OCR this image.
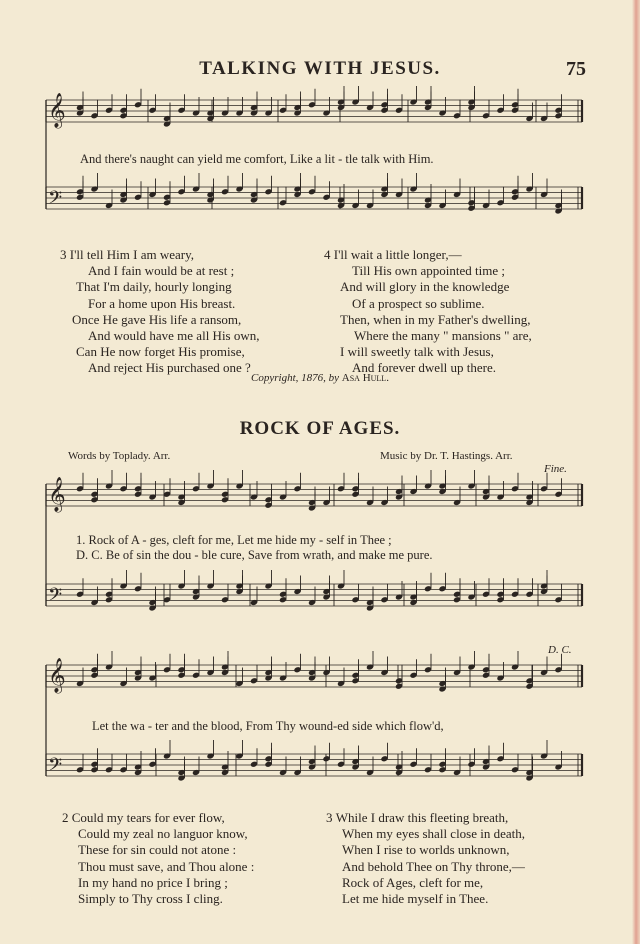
TALKING WITH JESUS.	75
𝄞
𝄢
𝄞
𝄢
𝄞
𝄢
And there's naught can yield me comfort, Like a lit - tle talk with Him.
3 I'll tell Him I am weary,
And I fain would be at rest ;
That I'm daily, hourly longing
For a home upon His breast.
Once He gave His life a ransom,
And would have me all His own,
Can He now forget His promise,
And reject His purchased one ?
4 I'll wait a little longer,—
Till His own appointed time ;
And will glory in the knowledge
Of a prospect so sublime.
Then, when in my Father's dwelling,
Where the many " mansions " are,
I will sweetly talk with Jesus,
And forever dwell up there.
Copyright, 1876, by Asa Hull.
ROCK OF AGES.
Words by Toplady. Arr.	Music by Dr. T. Hastings. Arr.
Fine.
D. C.
1. Rock of A - ges, cleft for me, Let me hide my - self in Thee ;
D. C. Be of sin the dou - ble cure, Save from wrath, and make me pure.
Let the wa - ter and the blood, From Thy wound-ed side which flow'd,
2 Could my tears for ever flow,
Could my zeal no languor know,
These for sin could not atone :
Thou must save, and Thou alone :
In my hand no price I bring ;
Simply to Thy cross I cling.
3 While I draw this fleeting breath,
When my eyes shall close in death,
When I rise to worlds unknown,
And behold Thee on Thy throne,—
Rock of Ages, cleft for me,
Let me hide myself in Thee.
